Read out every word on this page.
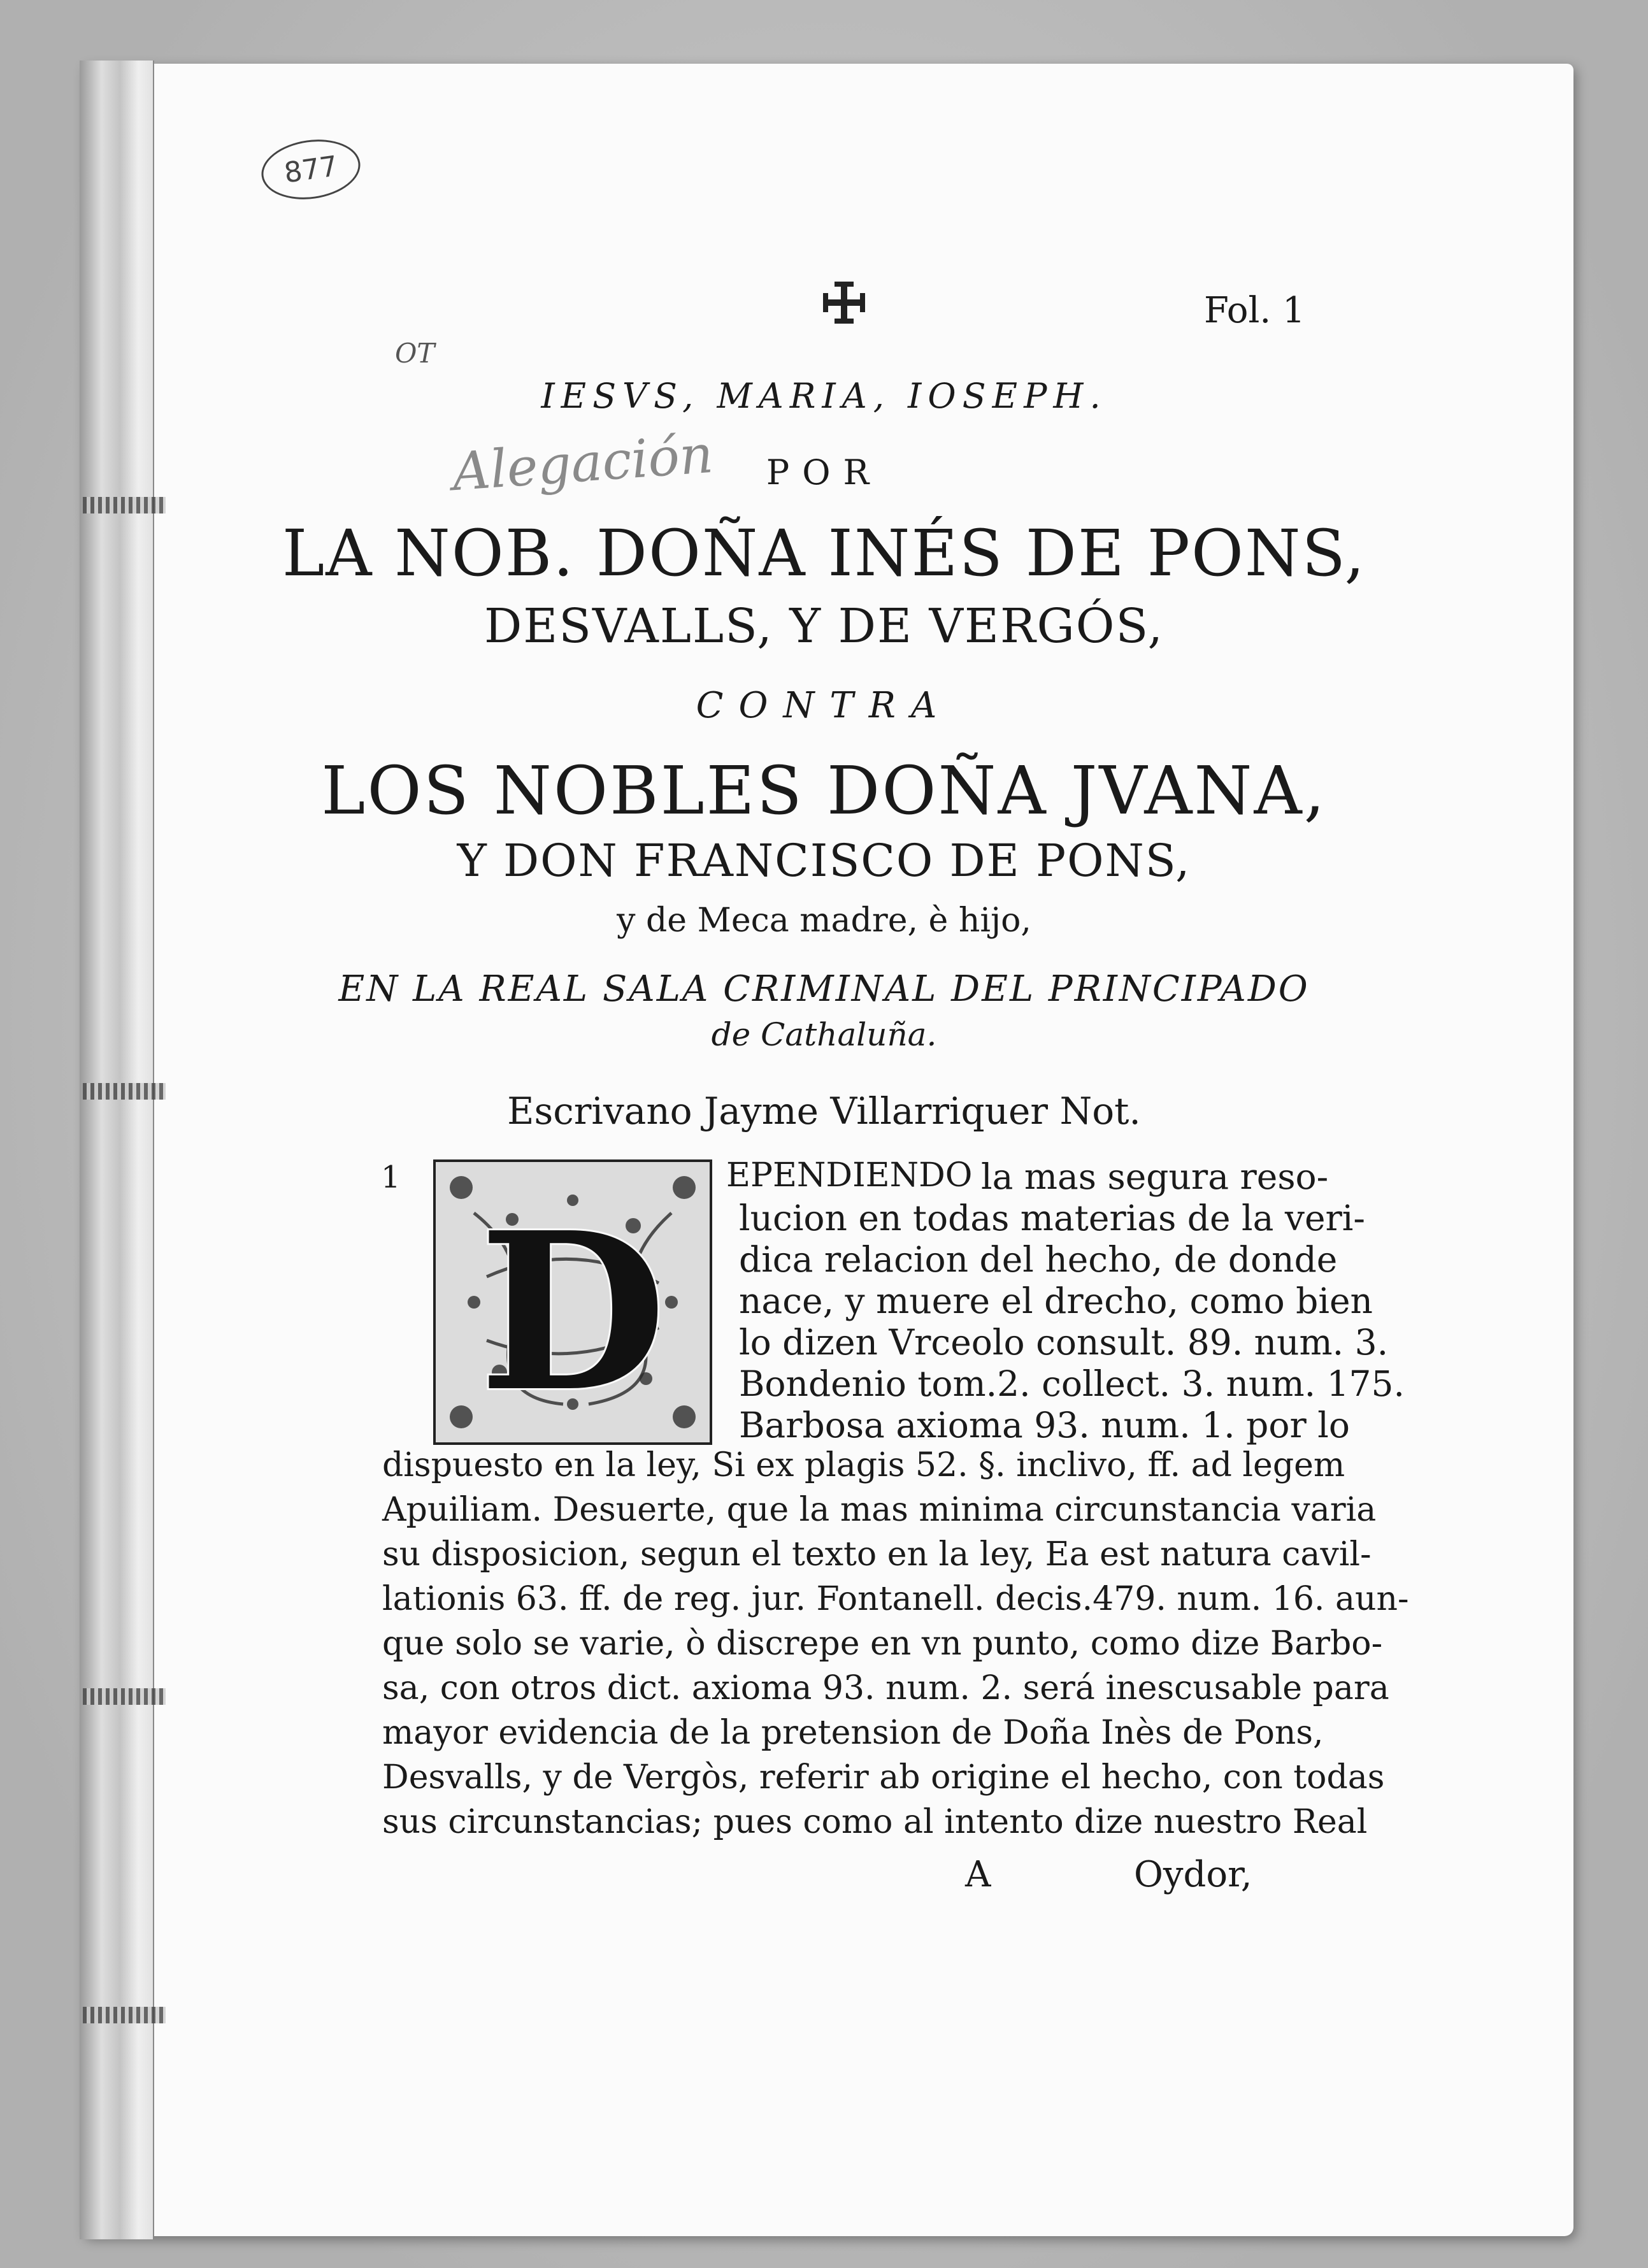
877
OT
Fol. 1
IESVS, MARIA, IOSEPH.
Alegación	POR
LA NOB. DOÑA INÉS DE PONS,
DESVALLS, Y DE VERGÓS,
CONTRA
LOS NOBLES DOÑA JVANA,
Y DON FRANCISCO DE PONS,
y de Meca madre, è hijo,
EN LA REAL SALA CRIMINAL DEL PRINCIPADO
de Cathaluña.
Escrivano Jayme Villarriquer Not.
1
D
EPENDIENDO la mas segura reso-
lucion en todas materias de la veri-
dica relacion del hecho, de donde
nace, y muere el drecho, como bien
lo dizen Vrceolo consult. 89. num. 3.
Bondenio tom.2. collect. 3. num. 175.
Barbosa axioma 93. num. 1. por lo
dispuesto en la ley, Si ex plagis 52. §. inclivo, ff. ad legem
Apuiliam. Desuerte, que la mas minima circunstancia varia
su disposicion, segun el texto en la ley, Ea est natura cavil-
lationis 63. ff. de reg. jur. Fontanell. decis.479. num. 16. aun-
que solo se varie, ò discrepe en vn punto, como dize Barbo-
sa, con otros dict. axioma 93. num. 2. será inescusable para
mayor evidencia de la pretension de Doña Inès de Pons,
Desvalls, y de Vergòs, referir ab origine el hecho, con todas
sus circunstancias; pues como al intento dize nuestro Real
A	Oydor,
